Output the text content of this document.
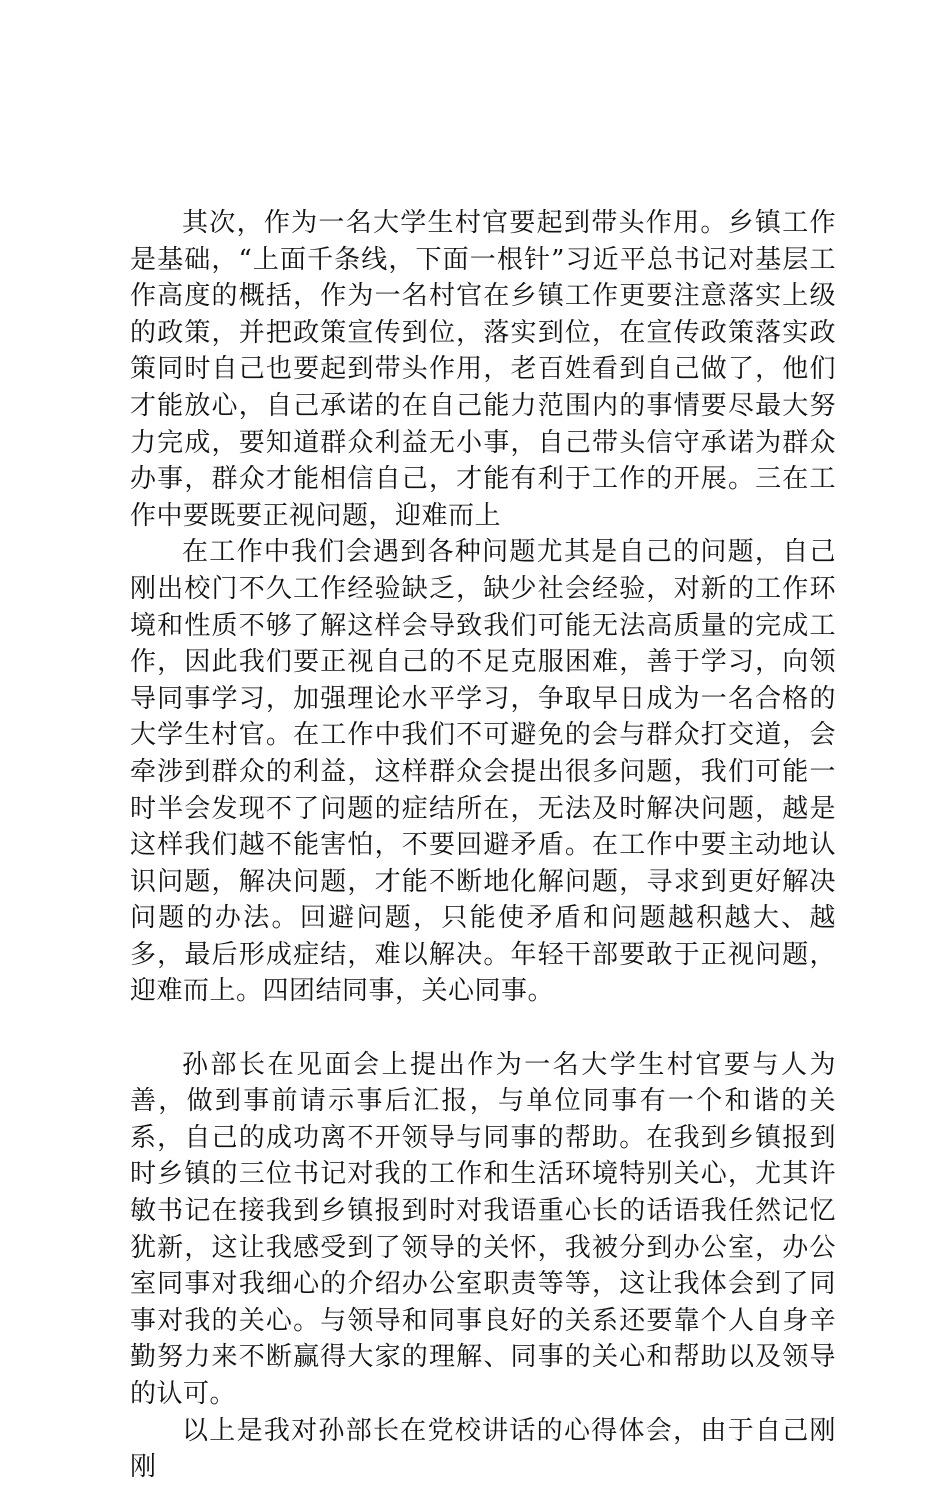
其次，作为一名大学生村官要起到带头作用。乡镇工作是基础，“上面千条线，下面一根针”习近平总书记对基层工作高度的概括，作为一名村官在乡镇工作更要注意落实上级的政策，并把政策宣传到位，落实到位，在宣传政策落实政策同时自己也要起到带头作用，老百姓看到自己做了，他们才能放心，自己承诺的在自己能力范围内的事情要尽最大努力完成，要知道群众利益无小事，自己带头信守承诺为群众办事，群众才能相信自己，才能有利于工作的开展。三在工作中要既要正视问题，迎难而上

在工作中我们会遇到各种问题尤其是自己的问题，自己刚出校门不久工作经验缺乏，缺少社会经验，对新的工作环境和性质不够了解这样会导致我们可能无法高质量的完成工作，因此我们要正视自己的不足克服困难，善于学习，向领导同事学习，加强理论水平学习，争取早日成为一名合格的大学生村官。在工作中我们不可避免的会与群众打交道，会牵涉到群众的利益，这样群众会提出很多问题，我们可能一时半会发现不了问题的症结所在，无法及时解决问题，越是这样我们越不能害怕，不要回避矛盾。在工作中要主动地认识问题，解决问题，才能不断地化解问题，寻求到更好解决问题的办法。回避问题，只能使矛盾和问题越积越大、越多，最后形成症结，难以解决。年轻干部要敢于正视问题，迎难而上。四团结同事，关心同事。

孙部长在见面会上提出作为一名大学生村官要与人为善，做到事前请示事后汇报，与单位同事有一个和谐的关系，自己的成功离不开领导与同事的帮助。在我到乡镇报到时乡镇的三位书记对我的工作和生活环境特别关心，尤其许敏书记在接我到乡镇报到时对我语重心长的话语我任然记忆犹新，这让我感受到了领导的关怀，我被分到办公室，办公室同事对我细心的介绍办公室职责等等，这让我体会到了同事对我的关心。与领导和同事良好的关系还要靠个人自身辛勤努力来不断赢得大家的理解、同事的关心和帮助以及领导的认可。

以上是我对孙部长在党校讲话的心得体会，由于自己刚刚
